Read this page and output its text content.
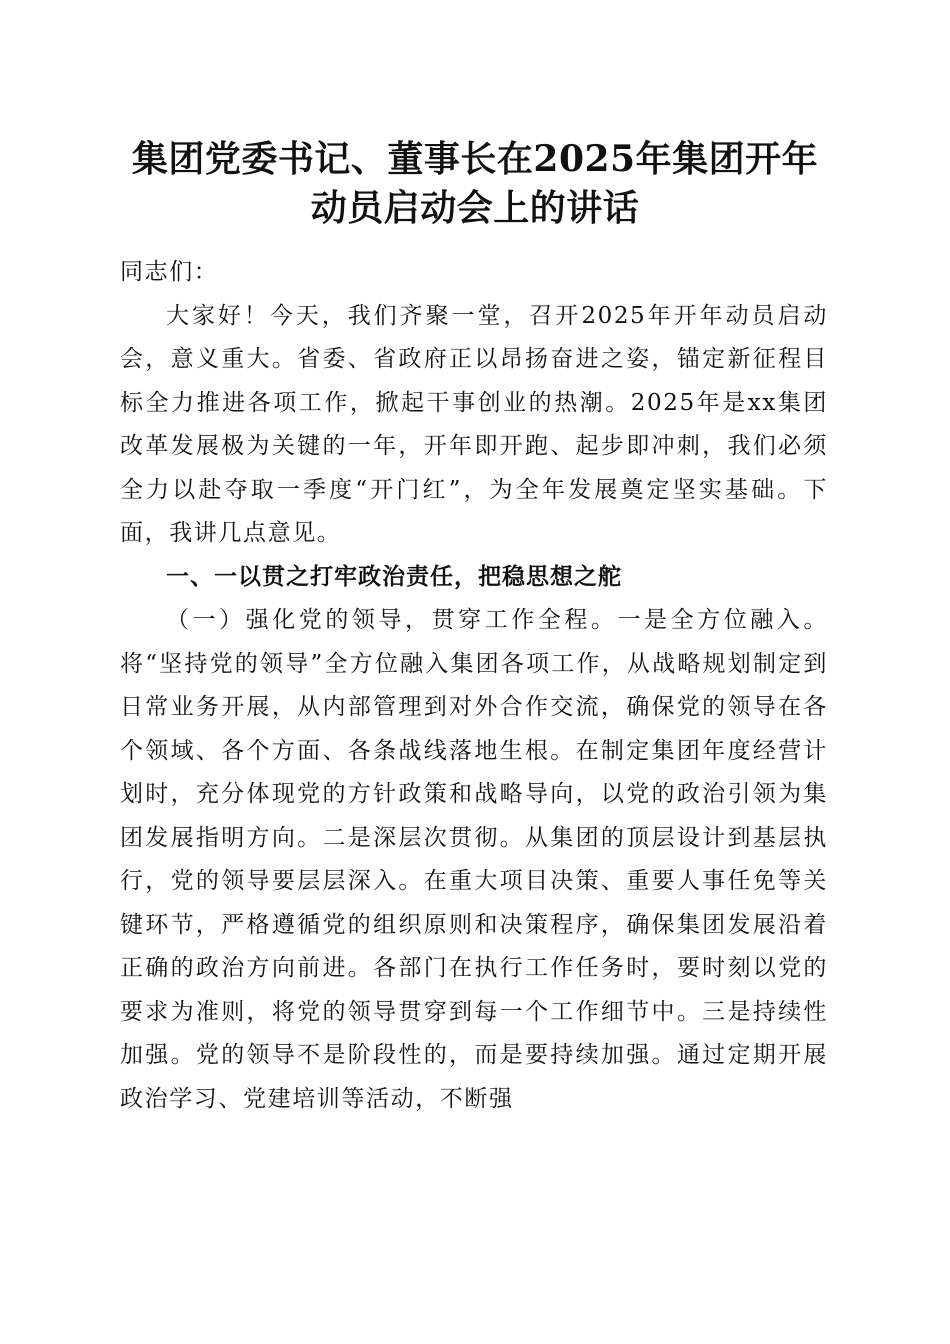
集团党委书记、董事长在2025年集团开年动员启动会上的讲话

同志们：

大家好！今天，我们齐聚一堂，召开2025年开年动员启动会，意义重大。省委、省政府正以昂扬奋进之姿，锚定新征程目标全力推进各项工作，掀起干事创业的热潮。2025年是xx集团改革发展极为关键的一年，开年即开跑、起步即冲刺，我们必须全力以赴夺取一季度“开门红”，为全年发展奠定坚实基础。下面，我讲几点意见。

一、一以贯之打牢政治责任，把稳思想之舵

（一）强化党的领导，贯穿工作全程。一是全方位融入。将“坚持党的领导”全方位融入集团各项工作，从战略规划制定到日常业务开展，从内部管理到对外合作交流，确保党的领导在各个领域、各个方面、各条战线落地生根。在制定集团年度经营计划时，充分体现党的方针政策和战略导向，以党的政治引领为集团发展指明方向。二是深层次贯彻。从集团的顶层设计到基层执行，党的领导要层层深入。在重大项目决策、重要人事任免等关键环节，严格遵循党的组织原则和决策程序，确保集团发展沿着正确的政治方向前进。各部门在执行工作任务时，要时刻以党的要求为准则，将党的领导贯穿到每一个工作细节中。三是持续性加强。党的领导不是阶段性的，而是要持续加强。通过定期开展政治学习、党建培训等活动，不断强
